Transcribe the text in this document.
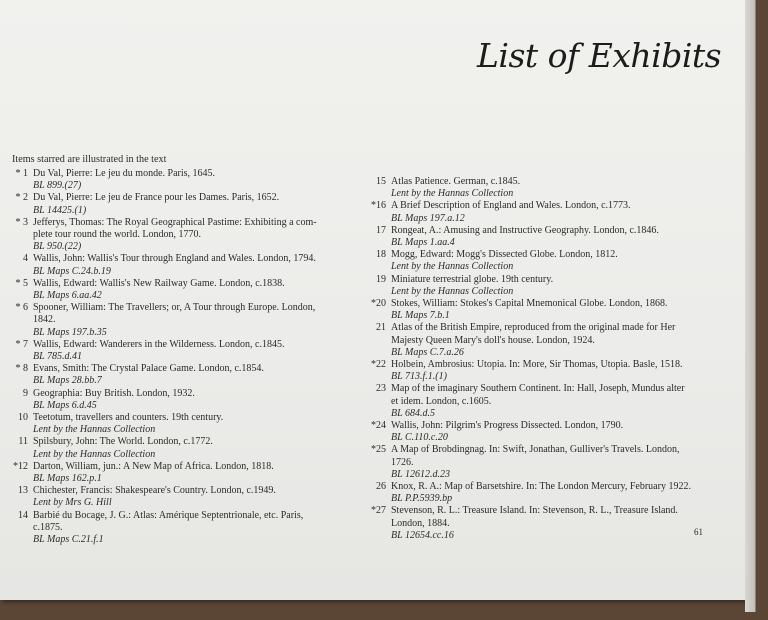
List of Exhibits
Items starred are illustrated in the text
* 1 Du Val, Pierre: Le jeu du monde. Paris, 1645.
BL 899.(27)
* 2 Du Val, Pierre: Le jeu de France pour les Dames. Paris, 1652.
BL 14425.(1)
* 3 Jefferys, Thomas: The Royal Geographical Pastime: Exhibiting a com-
plete tour round the world. London, 1770.
BL 950.(22)
4 Wallis, John: Wallis's Tour through England and Wales. London, 1794.
BL Maps C.24.b.19
* 5 Wallis, Edward: Wallis's New Railway Game. London, c.1838.
BL Maps 6.aa.42
* 6 Spooner, William: The Travellers; or, A Tour through Europe. London,
1842.
BL Maps 197.b.35
* 7 Wallis, Edward: Wanderers in the Wilderness. London, c.1845.
BL 785.d.41
* 8 Evans, Smith: The Crystal Palace Game. London, c.1854.
BL Maps 28.bb.7
9 Geographia: Buy British. London, 1932.
BL Maps 6.d.45
10 Teetotum, travellers and counters. 19th century.
Lent by the Hannas Collection
11 Spilsbury, John: The World. London, c.1772.
Lent by the Hannas Collection
*12 Darton, William, jun.: A New Map of Africa. London, 1818.
BL Maps 162.p.1
13 Chichester, Francis: Shakespeare's Country. London, c.1949.
Lent by Mrs G. Hill
14 Barbié du Bocage, J. G.: Atlas: Amérique Septentrionale, etc. Paris,
c.1875.
BL Maps C.21.f.1
15 Atlas Patience. German, c.1845.
Lent by the Hannas Collection
*16 A Brief Description of England and Wales. London, c.1773.
BL Maps 197.a.12
17 Rongeat, A.: Amusing and Instructive Geography. London, c.1846.
BL Maps 1.aa.4
18 Mogg, Edward: Mogg's Dissected Globe. London, 1812.
Lent by the Hannas Collection
19 Miniature terrestrial globe. 19th century.
Lent by the Hannas Collection
*20 Stokes, William: Stokes's Capital Mnemonical Globe. London, 1868.
BL Maps 7.b.1
21 Atlas of the British Empire, reproduced from the original made for Her
Majesty Queen Mary's doll's house. London, 1924.
BL Maps C.7.a.26
*22 Holbein, Ambrosius: Utopia. In: More, Sir Thomas, Utopia. Basle, 1518.
BL 713.f.1.(1)
23 Map of the imaginary Southern Continent. In: Hall, Joseph, Mundus alter
et idem. London, c.1605.
BL 684.d.5
*24 Wallis, John: Pilgrim's Progress Dissected. London, 1790.
BL C.110.c.20
*25 A Map of Brobdingnag. In: Swift, Jonathan, Gulliver's Travels. London,
1726.
BL 12612.d.23
26 Knox, R. A.: Map of Barsetshire. In: The London Mercury, February 1922.
BL P.P.5939.bp
*27 Stevenson, R. L.: Treasure Island. In: Stevenson, R. L., Treasure Island.
London, 1884.
BL 12654.cc.16	61
